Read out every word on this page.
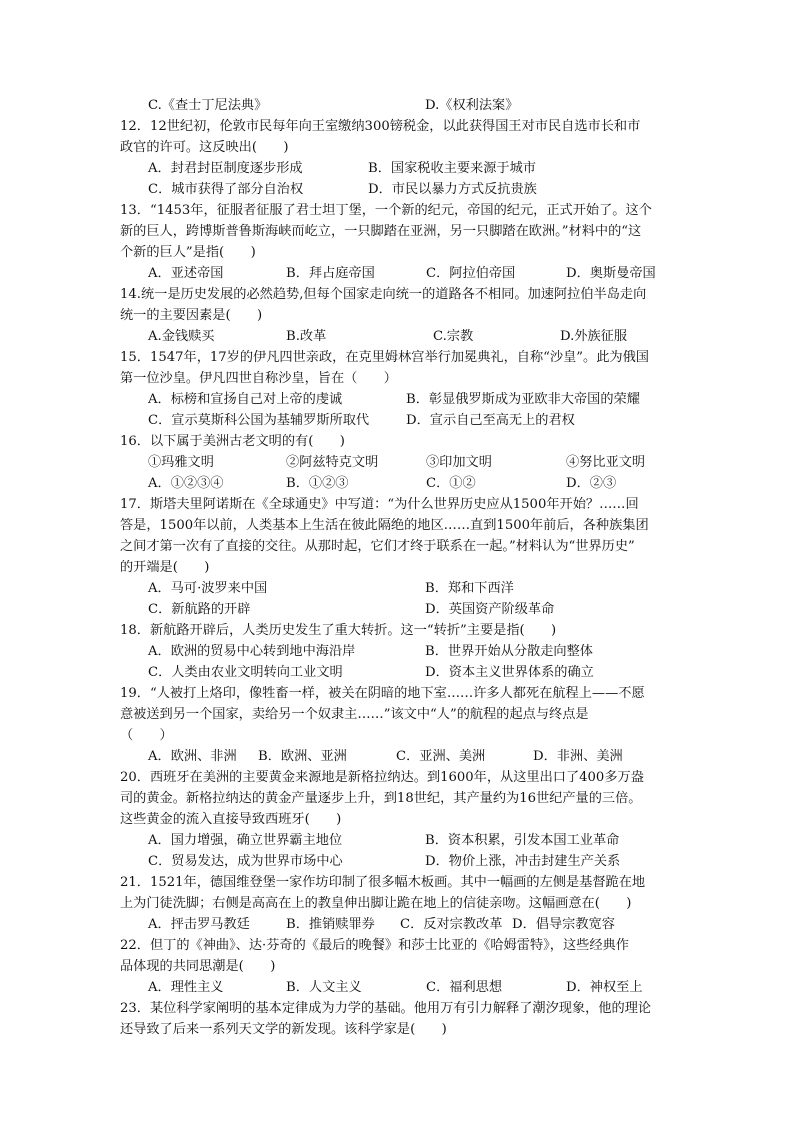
C.《查士丁尼法典》	D.《权利法案》
12．12世纪初，伦敦市民每年向王室缴纳300镑税金，以此获得国王对市民自选市长和市
政官的许可。这反映出(　　)
A．封君封臣制度逐步形成	B．国家税收主要来源于城市
C．城市获得了部分自治权	D．市民以暴力方式反抗贵族
13．“1453年，征服者征服了君士坦丁堡，一个新的纪元，帝国的纪元，正式开始了。这个
新的巨人，跨博斯普鲁斯海峡而屹立，一只脚踏在亚洲，另一只脚踏在欧洲。”材料中的“这
个新的巨人”是指(　　)
A．亚述帝国	B．拜占庭帝国	C．阿拉伯帝国	D．奥斯曼帝国
14.统一是历史发展的必然趋势,但每个国家走向统一的道路各不相同。加速阿拉伯半岛走向
统一的主要因素是(　　)
A.金钱赎买	B.改革	C.宗教	D.外族征服
15．1547年，17岁的伊凡四世亲政，在克里姆林宫举行加冕典礼，自称“沙皇”。此为俄国
第一位沙皇。伊凡四世自称沙皇，旨在（　　）
A．标榜和宣扬自己对上帝的虔诚	B．彰显俄罗斯成为亚欧非大帝国的荣耀
C．宣示莫斯科公国为基辅罗斯所取代	D．宣示自己至高无上的君权
16．以下属于美洲古老文明的有(　　)
①玛雅文明	②阿兹特克文明	③印加文明	④努比亚文明
A．①②③④	B．①②③	C．①②	D．②③
17．斯塔夫里阿诺斯在《全球通史》中写道：“为什么世界历史应从1500年开始？……回
答是，1500年以前，人类基本上生活在彼此隔绝的地区……直到1500年前后，各种族集团
之间才第一次有了直接的交往。从那时起，它们才终于联系在一起。”材料认为“世界历史”
的开端是(　　)
A．马可·波罗来中国	B．郑和下西洋
C．新航路的开辟	D．英国资产阶级革命
18．新航路开辟后，人类历史发生了重大转折。这一“转折”主要是指(　　)
A．欧洲的贸易中心转到地中海沿岸	B．世界开始从分散走向整体
C．人类由农业文明转向工业文明	D．资本主义世界体系的确立
19．“人被打上烙印，像牲畜一样，被关在阴暗的地下室……许多人都死在航程上——不愿
意被送到另一个国家，卖给另一个奴隶主……”该文中“人”的航程的起点与终点是
（　　）
A．欧洲、非洲 B．欧洲、亚洲	C．亚洲、美洲	D．非洲、美洲
20．西班牙在美洲的主要黄金来源地是新格拉纳达。到1600年，从这里出口了400多万盎
司的黄金。新格拉纳达的黄金产量逐步上升，到18世纪，其产量约为16世纪产量的三倍。
这些黄金的流入直接导致西班牙(　　)
A．国力增强，确立世界霸主地位	B．资本积累，引发本国工业革命
C．贸易发达，成为世界市场中心	D．物价上涨，冲击封建生产关系
21．1521年，德国维登堡一家作坊印制了很多幅木板画。其中一幅画的左侧是基督跪在地
上为门徒洗脚；右侧是高高在上的教皇伸出脚让跪在地上的信徒亲吻。这幅画意在(　　)
A．抨击罗马教廷	B．推销赎罪券 C．反对宗教改革 D．倡导宗教宽容
22．但丁的《神曲》、达·芬奇的《最后的晚餐》和莎士比亚的《哈姆雷特》，这些经典作
品体现的共同思潮是(　　)
A．理性主义	B．人文主义	C．福利思想	D．神权至上
23．某位科学家阐明的基本定律成为力学的基础。他用万有引力解释了潮汐现象，他的理论
还导致了后来一系列天文学的新发现。该科学家是(　　)
